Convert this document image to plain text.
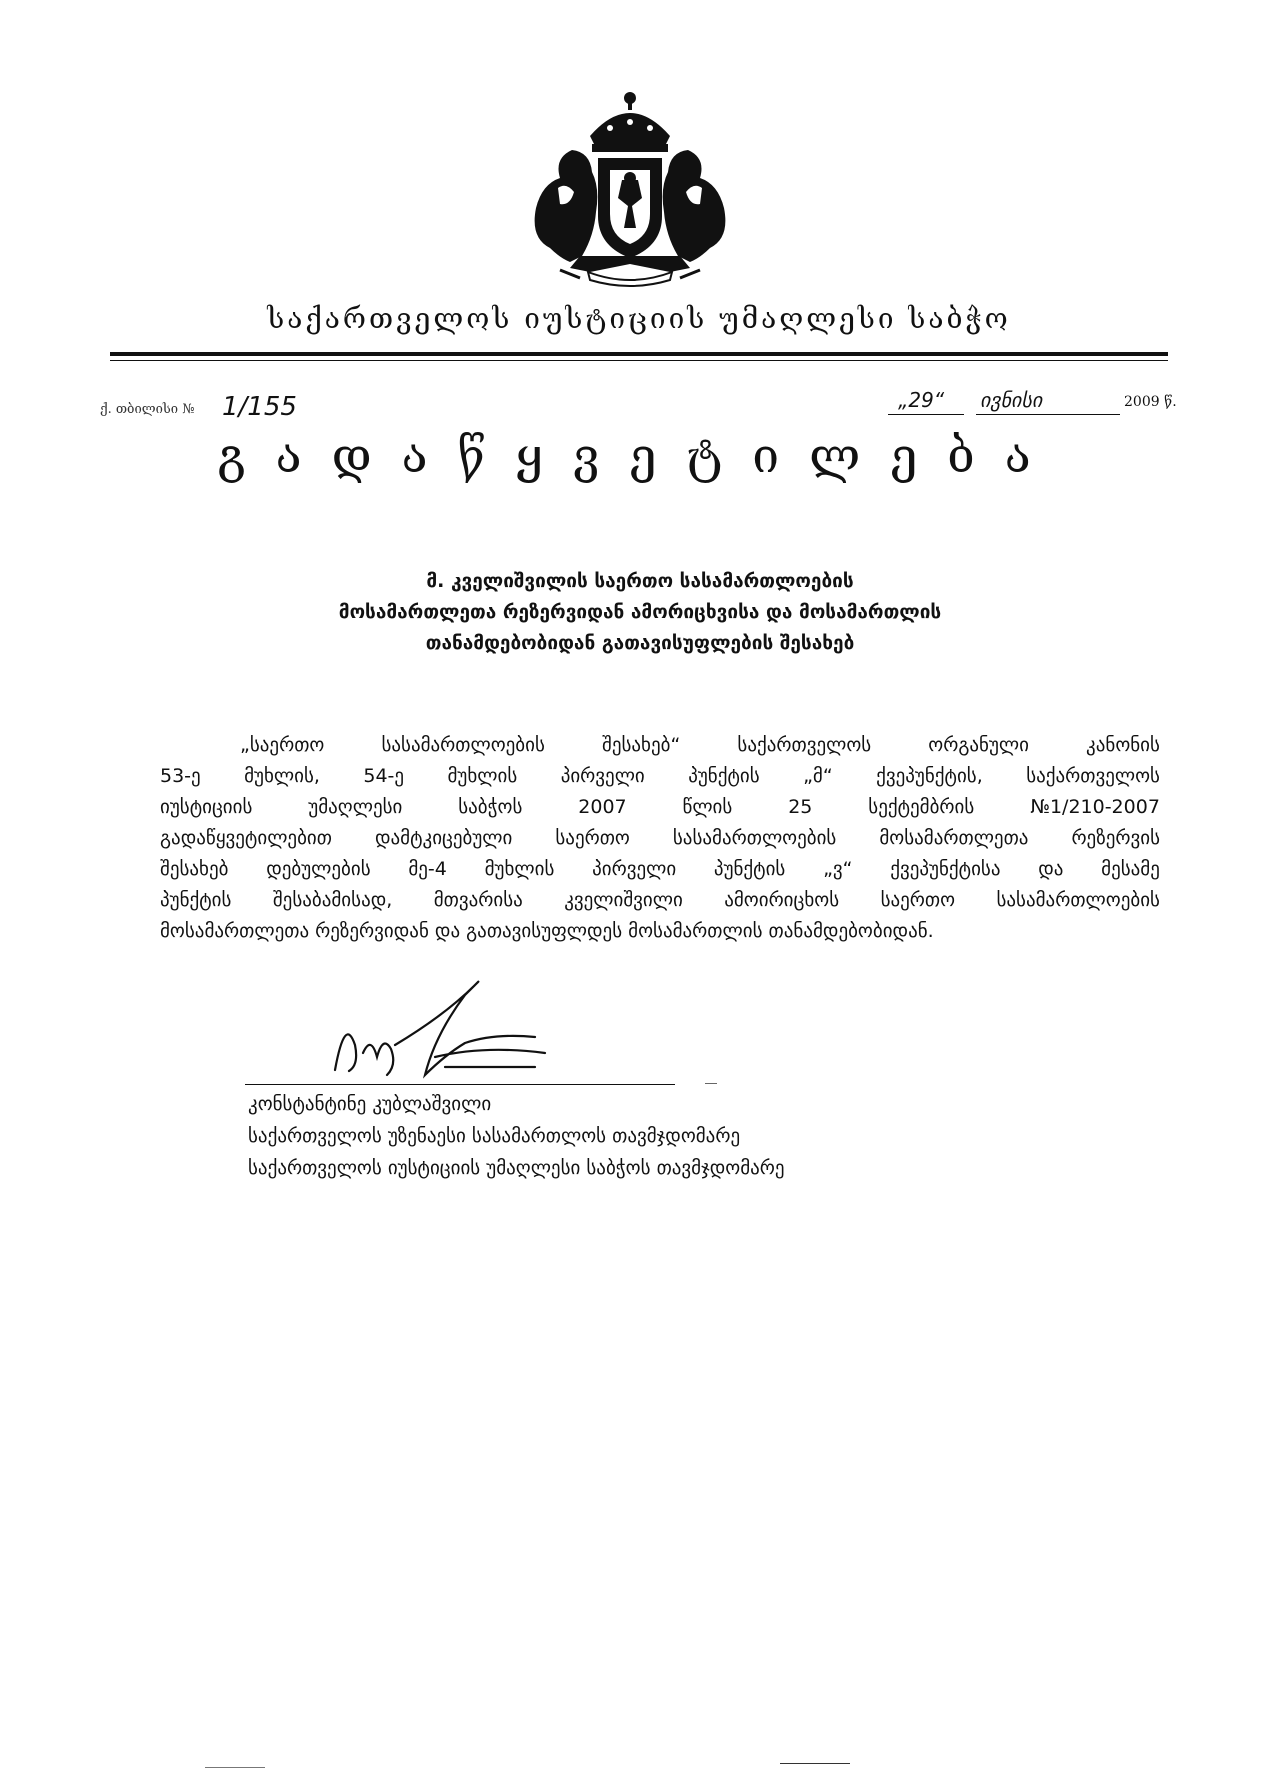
საქართველოს იუსტიციის უმაღლესი საბჭო
ქ. თბილისი № 1/155	„29“ ივნისი	2009 წ.
გადაწყვეტილება
მ. კველიშვილის საერთო სასამართლოების
მოსამართლეთა რეზერვიდან ამორიცხვისა და მოსამართლის
თანამდებობიდან გათავისუფლების შესახებ
„საერთო	სასამართლოების	შესახებ“	საქართველოს	ორგანული	კანონის
53-ე მუხლის, 54-ე მუხლის პირველი პუნქტის „მ“ ქვეპუნქტის, საქართველოს
იუსტიციის	უმაღლესი	საბჭოს	2007	წლის	25	სექტემბრის	№1/210-2007
გადაწყვეტილებით დამტკიცებული საერთო სასამართლოების მოსამართლეთა რეზერვის
შესახებ დებულების მე-4 მუხლის პირველი პუნქტის „ვ“ ქვეპუნქტისა და მესამე
პუნქტის შესაბამისად, მთვარისა კველიშვილი ამოირიცხოს საერთო სასამართლოების
მოსამართლეთა რეზერვიდან და გათავისუფლდეს მოსამართლის თანამდებობიდან.
კონსტანტინე კუბლაშვილი
საქართველოს უზენაესი სასამართლოს თავმჯდომარე
საქართველოს იუსტიციის უმაღლესი საბჭოს თავმჯდომარე
